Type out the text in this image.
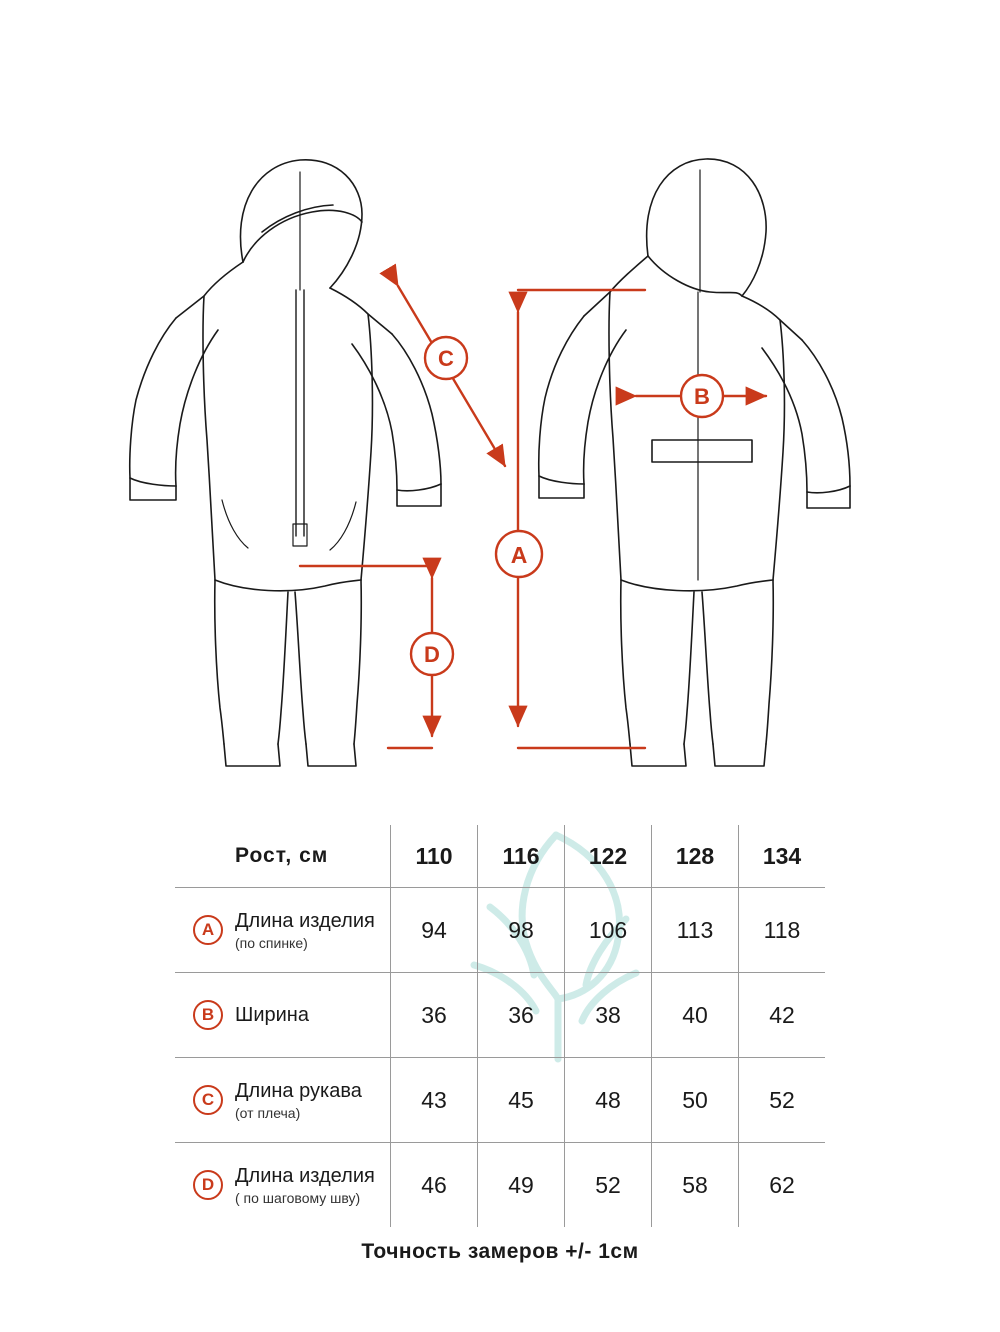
C
A
B
D
Рост, см	110	116	122	128	134

A Длина изделия
(по спинке)	94	98	106	113	118

B Ширина	36	36	38	40	42

C Длина рукава
(от плеча)	43	45	48	50	52

D Длина изделия
( по шаговому шву)	46	49	52	58	62
Точность замеров +/- 1см
